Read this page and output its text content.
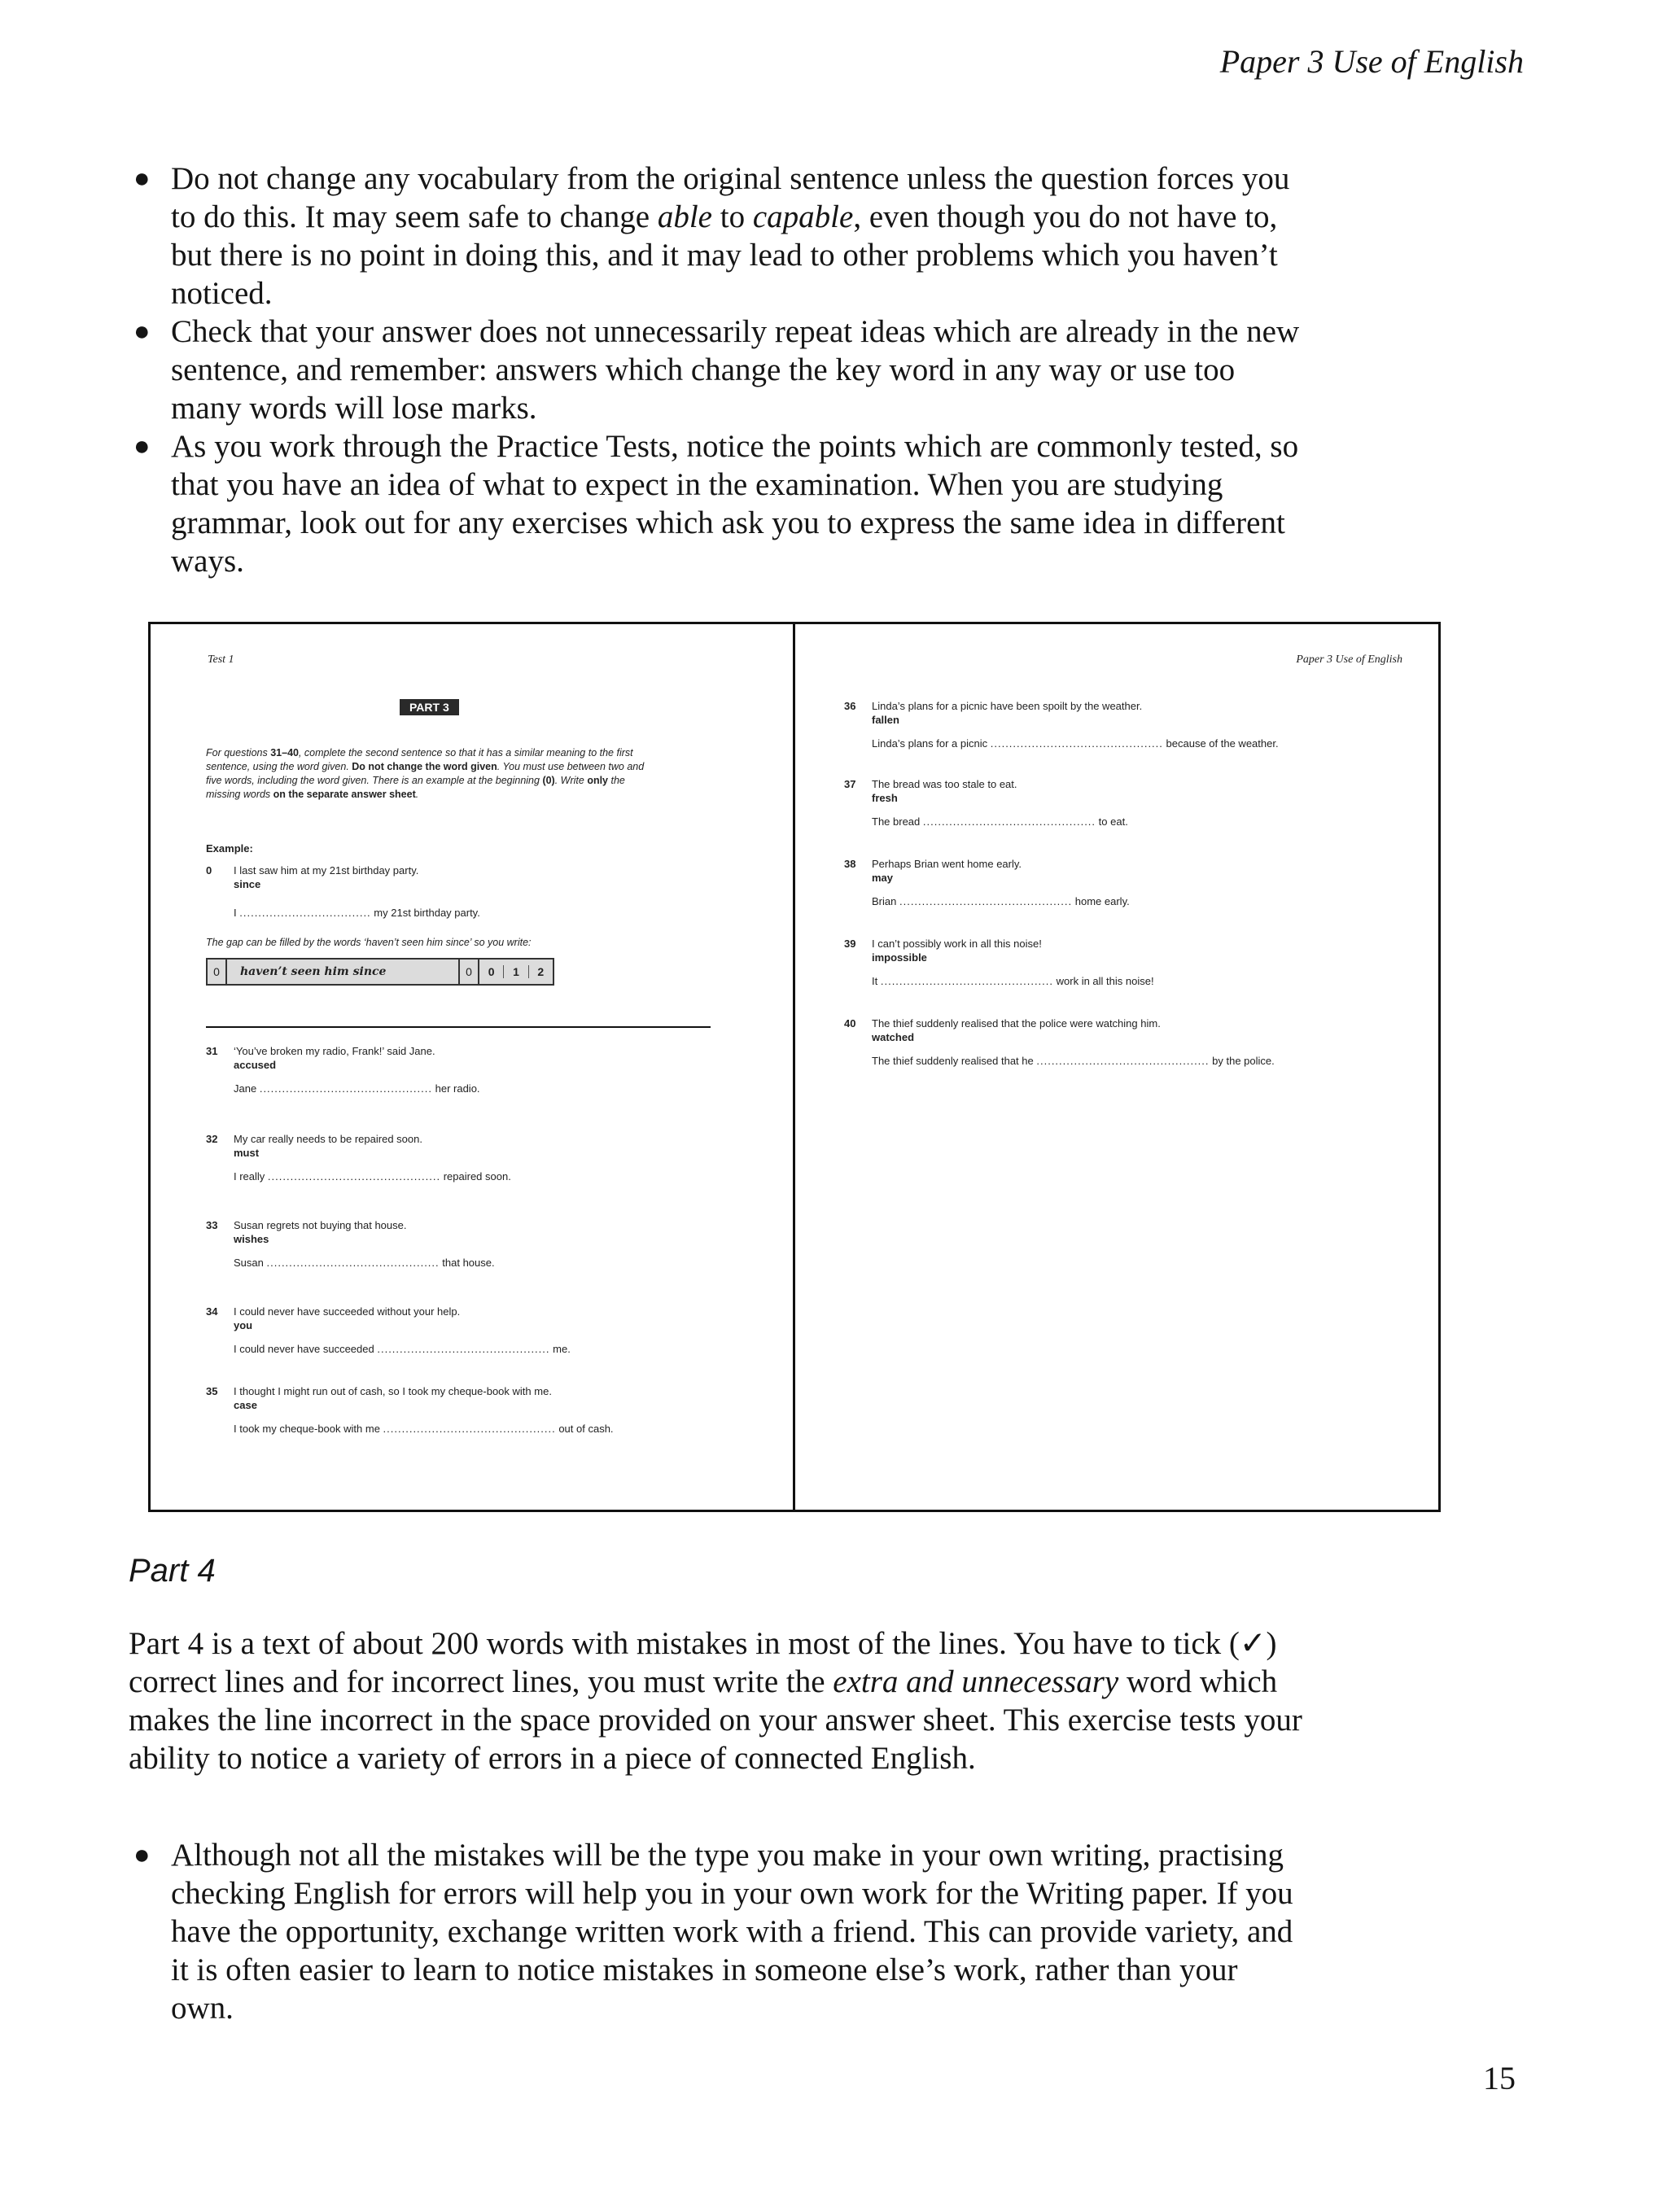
Paper 3 Use of English
● Do not change any vocabulary from the original sentence unless the question forces you to do this. It may seem safe to change able to capable, even though you do not have to, but there is no point in doing this, and it may lead to other problems which you haven’t noticed.
● Check that your answer does not unnecessarily repeat ideas which are already in the new sentence, and remember: answers which change the key word in any way or use too many words will lose marks.
● As you work through the Practice Tests, notice the points which are commonly tested, so that you have an idea of what to expect in the examination. When you are studying grammar, look out for any exercises which ask you to express the same idea in different ways.
Test 1
PART 3
For questions 31–40, complete the second sentence so that it has a similar meaning to the first sentence, using the word given. Do not change the word given. You must use between two and five words, including the word given. There is an example at the beginning (0). Write only the missing words on the separate answer sheet.
Example:
0	I last saw him at my 21st birthday party.
since
I ................................... my 21st birthday party.
The gap can be filled by the words ‘haven’t seen him since’ so you write:
0	haven’t seen him since	0	0	1	2
31	‘You’ve broken my radio, Frank!’ said Jane.
accused
Jane .............................................. her radio.
32	My car really needs to be repaired soon.
must
I really .............................................. repaired soon.
33	Susan regrets not buying that house.
wishes
Susan .............................................. that house.
34	I could never have succeeded without your help.
you
I could never have succeeded .............................................. me.
35	I thought I might run out of cash, so I took my cheque-book with me.
case
I took my cheque-book with me .............................................. out of cash.
Paper 3 Use of English
36	Linda’s plans for a picnic have been spoilt by the weather.
fallen
Linda’s plans for a picnic .............................................. because of the weather.
37	The bread was too stale to eat.
fresh
The bread .............................................. to eat.
38	Perhaps Brian went home early.
may
Brian .............................................. home early.
39	I can’t possibly work in all this noise!
impossible
It .............................................. work in all this noise!
40	The thief suddenly realised that the police were watching him.
watched
The thief suddenly realised that he .............................................. by the police.
Part 4

Part 4 is a text of about 200 words with mistakes in most of the lines. You have to tick (✓) correct lines and for incorrect lines, you must write the extra and unnecessary word which makes the line incorrect in the space provided on your answer sheet. This exercise tests your ability to notice a variety of errors in a piece of connected English.

● Although not all the mistakes will be the type you make in your own writing, practising checking English for errors will help you in your own work for the Writing paper. If you have the opportunity, exchange written work with a friend. This can provide variety, and it is often easier to learn to notice mistakes in someone else’s work, rather than your own.
15
